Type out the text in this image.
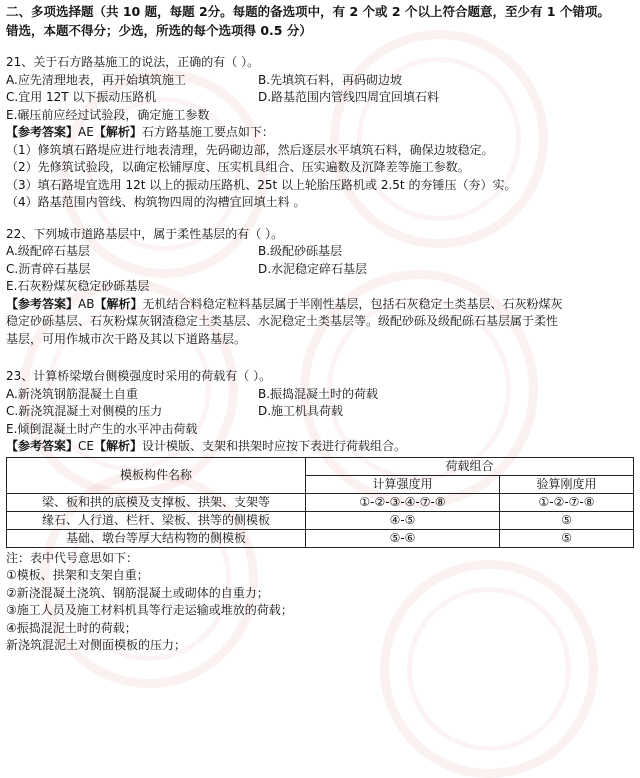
二、多项选择题（共 10 题，每题 2分。每题的备选项中，有 2 个或 2 个以上符合题意，至少有 1 个错项。

错选，本题不得分；少选，所选的每个选项得 0.5 分）

21、关于石方路基施工的说法，正确的有（ ）。
A.应先清理地表，再开始填筑施工	B.先填筑石料，再码砌边坡
C.宜用 12T 以下振动压路机	D.路基范围内管线四周宜回填石料
E.碾压前应经过试验段，确定施工参数
【参考答案】AE【解析】石方路基施工要点如下：
（1）修筑填石路堤应进行地表清理，先码砌边部，然后逐层水平填筑石料，确保边坡稳定。
（2）先修筑试验段，以确定松铺厚度、压实机具组合、压实遍数及沉降差等施工参数。
（3）填石路堤宜选用 12t 以上的振动压路机、25t 以上轮胎压路机或 2.5t 的夯锤压（夯）实。
（4）路基范围内管线、构筑物四周的沟槽宜回填土料 。
22、下列城市道路基层中，属于柔性基层的有（ ）。
A.级配碎石基层	B.级配砂砾基层
C.沥青碎石基层	D.水泥稳定碎石基层
E.石灰粉煤灰稳定砂砾基层
【参考答案】AB【解析】无机结合料稳定粒料基层属于半刚性基层，包括石灰稳定土类基层、石灰粉煤灰
稳定砂砾基层、石灰粉煤灰钢渣稳定土类基层、水泥稳定土类基层等。级配砂砾及级配砾石基层属于柔性
基层，可用作城市次干路及其以下道路基层。
23、计算桥梁墩台侧模强度时采用的荷载有（ ）。
A.新浇筑钢筋混凝土自重	B.振捣混凝土时的荷载
C.新浇筑混凝土对侧模的压力	D.施工机具荷载
E.倾倒混凝土时产生的水平冲击荷载
【参考答案】CE【解析】设计模版、支架和拱架时应按下表进行荷载组合。
模板构件名称	荷载组合	
	计算强度用	验算刚度用
梁、板和拱的底模及支撑板、拱架、支架等	①-②-③-④-⑦-⑧	①-②-⑦-⑧
缘石、人行道、栏杆、梁板、拱等的侧模板	④-⑤	⑤
基础、墩台等厚大结构物的侧模板	⑤-⑥	⑤
注：表中代号意思如下：
①模板、拱架和支架自重；
②新浇混凝土浇筑、钢筋混凝土或砌体的自重力；
③施工人员及施工材料机具等行走运输或堆放的荷载；
④振捣混泥土时的荷载；
新浇筑混泥土对侧面模板的压力；
